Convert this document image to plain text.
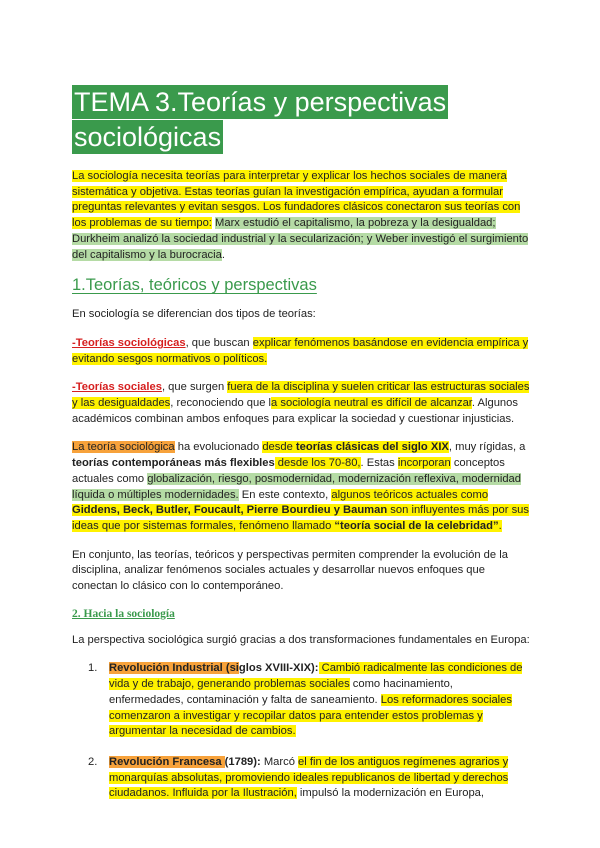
TEMA 3.Teorías y perspectivas
sociológicas

La sociología necesita teorías para interpretar y explicar los hechos sociales de manera sistemática y objetiva. Estas teorías guían la investigación empírica, ayudan a formular preguntas relevantes y evitan sesgos. Los fundadores clásicos conectaron sus teorías con los problemas de su tiempo: Marx estudió el capitalismo, la pobreza y la desigualdad; Durkheim analizó la sociedad industrial y la secularización; y Weber investigó el surgimiento del capitalismo y la burocracia.

1.Teorías, teóricos y perspectivas

En sociología se diferencian dos tipos de teorías:

-Teorías sociológicas, que buscan explicar fenómenos basándose en evidencia empírica y evitando sesgos normativos o políticos.

-Teorías sociales, que surgen fuera de la disciplina y suelen criticar las estructuras sociales y las desigualdades, reconociendo que la sociología neutral es difícil de alcanzar. Algunos académicos combinan ambos enfoques para explicar la sociedad y cuestionar injusticias.

La teoría sociológica ha evolucionado desde teorías clásicas del siglo XIX, muy rígidas, a teorías contemporáneas más flexibles desde los 70-80,. Estas incorporan conceptos actuales como globalización, riesgo, posmodernidad, modernización reflexiva, modernidad líquida o múltiples modernidades. En este contexto, algunos teóricos actuales como Giddens, Beck, Butler, Foucault, Pierre Bourdieu y Bauman son influyentes más por sus ideas que por sistemas formales, fenómeno llamado “teoría social de la celebridad”.

En conjunto, las teorías, teóricos y perspectivas permiten comprender la evolución de la disciplina, analizar fenómenos sociales actuales y desarrollar nuevos enfoques que conectan lo clásico con lo contemporáneo.

2. Hacia la sociología

La perspectiva sociológica surgió gracias a dos transformaciones fundamentales en Europa:

1. Revolución Industrial (siglos XVIII-XIX): Cambió radicalmente las condiciones de vida y de trabajo, generando problemas sociales como hacinamiento, enfermedades, contaminación y falta de saneamiento. Los reformadores sociales comenzaron a investigar y recopilar datos para entender estos problemas y argumentar la necesidad de cambios.
2. Revolución Francesa (1789): Marcó el fin de los antiguos regímenes agrarios y monarquías absolutas, promoviendo ideales republicanos de libertad y derechos ciudadanos. Influida por la Ilustración, impulsó la modernización en Europa,
